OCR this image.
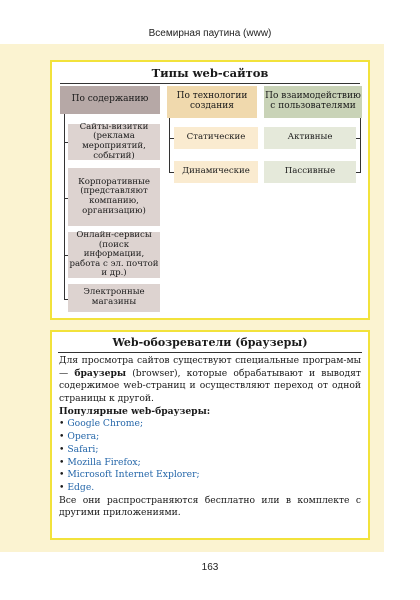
Всемирная паутина (www)
Типы web-сайтов
По содержанию	По технологии создания
По взаимодействию с пользователями
Сайты-визитки (реклама мероприятий, событий)
Корпоративные (представляют компанию, организацию)
Онлайн-сервисы (поиск информации, работа с эл. почтой и др.)
Электронные магазины
Статические
Динамические
Активные
Пассивные
Web-обозреватели (браузеры)

Для просмотра сайтов существуют специальные програм-мы — браузеры (browser), которые обрабатывают и выводят содержимое web-страниц и осуществляют переход от одной страницы к другой.

Популярные web-браузеры:

• Google Chrome;
• Opera;
• Safari;
• Mozilla Firefox;
• Microsoft Internet Explorer;
• Edge.

Все они распространяются бесплатно или в комплекте с другими приложениями.

163
